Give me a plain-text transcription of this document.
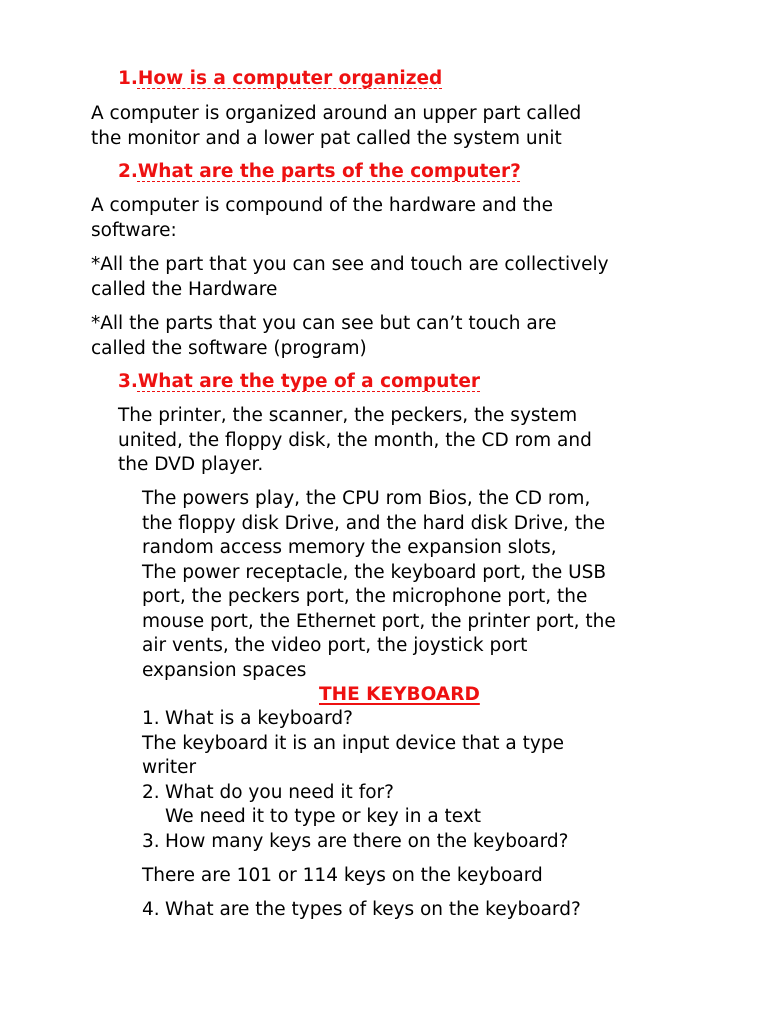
1.How is a computer organized
A computer is organized around an upper part called
the monitor and a lower pat called the system unit
2.What are the parts of the computer?
A computer is compound of the hardware and the
software:
*All the part that you can see and touch are collectively
called the Hardware
*All the parts that you can see but can’t touch are
called the software (program)
3.What are the type of a computer
The printer, the scanner, the peckers, the system
united, the floppy disk, the month, the CD rom and
the DVD player.
The powers play, the CPU rom Bios, the CD rom,
the floppy disk Drive, and the hard disk Drive, the
random access memory the expansion slots,
The power receptacle, the keyboard port, the USB
port, the peckers port, the microphone port, the
mouse port, the Ethernet port, the printer port, the
air vents, the video port, the joystick port
expansion spaces
THE KEYBOARD
1. What is a keyboard?
The keyboard it is an input device that a type
writer
2. What do you need it for?
We need it to type or key in a text
3. How many keys are there on the keyboard?
There are 101 or 114 keys on the keyboard
4. What are the types of keys on the keyboard?
